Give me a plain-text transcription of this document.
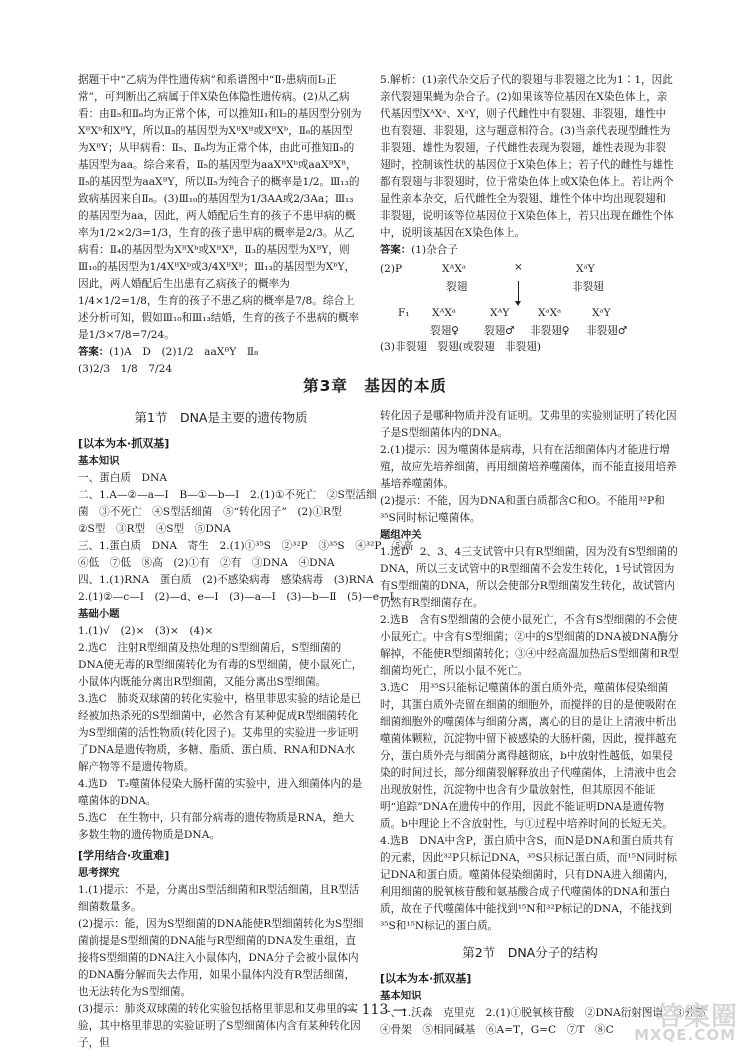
据题干中“乙病为伴性遗传病”和系谱图中“Ⅱ₇患病而Ⅰ₂正常”，可判断出乙病属于伴X染色体隐性遗传病。(2)从乙病看：由Ⅱ₅和Ⅱ₆均为正常个体，可以推知Ⅰ₁和Ⅰ₂的基因型分别为XᴮXᵇ和XᴮY，所以Ⅱ₅的基因型为XᴮXᴮ或XᴮXᵇ，Ⅱ₆的基因型为XᴮY；从甲病看：Ⅱ₅、Ⅱ₆均为正常个体，由此可推知Ⅱ₅的基因型为aa。综合来看，Ⅱ₅的基因型为aaXᴮXᵇ或aaXᴮXᴮ，Ⅱ₅的基因型为aaXᴮY，所以Ⅱ₅为纯合子的概率是1/2。Ⅲ₁₃的致病基因来自Ⅱ₈。(3)Ⅲ₁₀的基因型为1/3AA或2/3Aa；Ⅲ₁₃的基因型为aa，因此，两人婚配后生育的孩子不患甲病的概率为1/2×2/3=1/3，生育的孩子患甲病的概率是2/3。从乙病看：Ⅱ₄的基因型为XᴮXᵇ或XᴮXᴮ，Ⅱ₃的基因型为XᴮY，则Ⅲ₁₀的基因型为1/4XᴮXᵇ或3/4XᴮXᴮ；Ⅲ₁₃的基因型为XᵇY，因此，两人婚配后生出患有乙病孩子的概率为1/4×1/2=1/8，生育的孩子不患乙病的概率是7/8。综合上述分析可知，假如Ⅲ₁₀和Ⅲ₁₃结婚，生育的孩子不患病的概率是1/3×7/8=7/24。

答案：(1)A　D　(2)1/2　aaXᴮY　Ⅱ₈

(3)2/3　1/8　7/24

5.解析：(1)亲代杂交后子代的裂翅与非裂翅之比为1∶1，因此亲代裂翅果蝇为杂合子。(2)如果该等位基因在X染色体上，亲代基因型XᴬXᵃ、XᵃY，则子代雌性中有裂翅、非裂翅，雄性中也有裂翅、非裂翅，这与题意相符合。(3)当亲代表现型雌性为非裂翅、雄性为裂翅，子代雌性表现为裂翅，雄性表现为非裂翅时，控制该性状的基因位于X染色体上；若子代的雌性与雄性都有裂翅与非裂翅时，位于常染色体上或X染色体上。若让两个显性亲本杂交，后代雌性全为裂翅、雄性个体中均出现裂翅和非裂翅，说明该等位基因位于X染色体上，若只出现在雌性个体中，说明该基因在X染色体上。

答案：(1)杂合子

(2)P	XᴬXᵃ	×	XᵃY
裂翅	非裂翅
F₁ XᴬXᵃ	XᴬY	XᵃXᵃ	XᵃY
裂翅♀ 裂翅♂ 非裂翅♀ 非裂翅♂

(3)非裂翅　裂翅(或裂翅　非裂翅)

第3章　基因的本质

第1节　DNA是主要的遗传物质

[以本为本·抓双基]

基本知识

一、蛋白质　DNA

二、1.A—②—a—Ⅰ　B—①—b—Ⅰ　2.(1)①不死亡　②S型活细

菌　③不死亡　④S型活细菌　⑤“转化因子”　(2)①R型

②S型　③R型　④S型　⑤DNA

三、1.蛋白质　DNA　寄生　2.(1)①³⁵S　②³²P　③³⁵S　④³²P　⑤高

⑥低　⑦低　⑧高　(2)①有　②有　③DNA　④DNA

四、1.(1)RNA　蛋白质　(2)不感染病毒　感染病毒　(3)RNA

2.(1)②—c—Ⅰ　(2)—d、e—Ⅰ　(3)—a—Ⅰ　(3)—b—Ⅱ　(5)—e—Ⅰ

基础小题

1.(1)√　(2)×　(3)×　(4)×

2.选C　注射R型细菌及热处理的S型细菌后，S型细菌的DNA使无毒的R型细菌转化为有毒的S型细菌，使小鼠死亡，小鼠体内既能分离出R型细菌，又能分离出S型细菌。

3.选C　肺炎双球菌的转化实验中，格里菲思实验的结论是已经被加热杀死的S型细菌中，必然含有某种促成R型细菌转化为S型细菌的活性物质(转化因子)。艾弗里的实验进一步证明了DNA是遗传物质，多糖、脂质、蛋白质、RNA和DNA水解产物等不是遗传物质。

4.选D　T₂噬菌体侵染大肠杆菌的实验中，进入细菌体内的是噬菌体的DNA。

5.选C　在生物中，只有部分病毒的遗传物质是RNA，绝大多数生物的遗传物质是DNA。

[学用结合·攻重难]

思考探究

1.(1)提示：不是，分离出S型活细菌和R型活细菌，且R型活细菌数量多。

(2)提示：能，因为S型细菌的DNA能使R型细菌转化为S型细菌前提是S型细菌的DNA能与R型细菌的DNA发生重组，直接将S型细菌的DNA注入小鼠体内，DNA分子会被小鼠体内的DNA酶分解而失去作用，如果小鼠体内没有R型活细菌，也无法转化为S型细菌。

(3)提示：肺炎双球菌的转化实验包括格里菲思和艾弗里的实验，其中格里菲思的实验证明了S型细菌体内含有某种转化因子，但

转化因子是哪种物质并没有证明。艾弗里的实验则证明了转化因子是S型细菌体内的DNA。

2.(1)提示：因为噬菌体是病毒，只有在活细菌体内才能进行增殖，故应先培养细菌，再用细菌培养噬菌体，而不能直接用培养基培养噬菌体。

(2)提示：不能，因为DNA和蛋白质都含C和O。不能用³²P和³⁵S同时标记噬菌体。

题组冲关

1.选D　2、3、4三支试管中只有R型细菌，因为没有S型细菌的DNA，所以三支试管中的R型细菌不会发生转化，1号试管因为有S型细菌的DNA，所以会使部分R型细菌发生转化，故试管内仍然有R型细菌存在。

2.选B　含有S型细菌的会使小鼠死亡，不含有S型细菌的不会使小鼠死亡。中含有S型细菌；②中的S型细菌的DNA被DNA酶分解掉，不能使R型细菌转化；③④中经高温加热后S型细菌和R型细菌均死亡，所以小鼠不死亡。

3.选C　用³⁵S只能标记噬菌体的蛋白质外壳，噬菌体侵染细菌时，其蛋白质外壳留在细菌的细胞外，而搅拌的目的是使吸附在细菌细胞外的噬菌体与细菌分离，离心的目的是让上清液中析出噬菌体颗粒，沉淀物中留下被感染的大肠杆菌，因此，搅拌越充分，蛋白质外壳与细菌分离得越彻底，b中放射性越低，如果侵染的时间过长，部分细菌裂解释放出子代噬菌体，上清液中也会出现放射性，沉淀物中也含有少量放射性，但其原因不能证明“追踪”DNA在遗传中的作用，因此不能证明DNA是遗传物质。b中理论上不含放射性，与①过程中培养时间的长短无关。

4.选B　DNA中含P，蛋白质中含S，而N是DNA和蛋白质共有的元素，因此³²P只标记DNA，³⁵S只标记蛋白质，而¹⁵N同时标记DNA和蛋白质。噬菌体侵染细菌时，只有DNA进入细菌内，利用细菌的脱氧核苷酸和氨基酸合成子代噬菌体的DNA和蛋白质，故在子代噬菌体中能找到¹⁵N和³²P标记的DNA，不能找到³⁵S和¹⁵N标记的蛋白质。

第2节　DNA分子的结构

[以本为本·抓双基]

基本知识

一、1.沃森　克里克　2.(1)①脱氧核苷酸　②DNA衍射图谱　③外部

④骨架　⑤相同碱基　⑥A=T，G=C　⑦T　⑧C

— 113 —	答案圈
MXQE.COM
